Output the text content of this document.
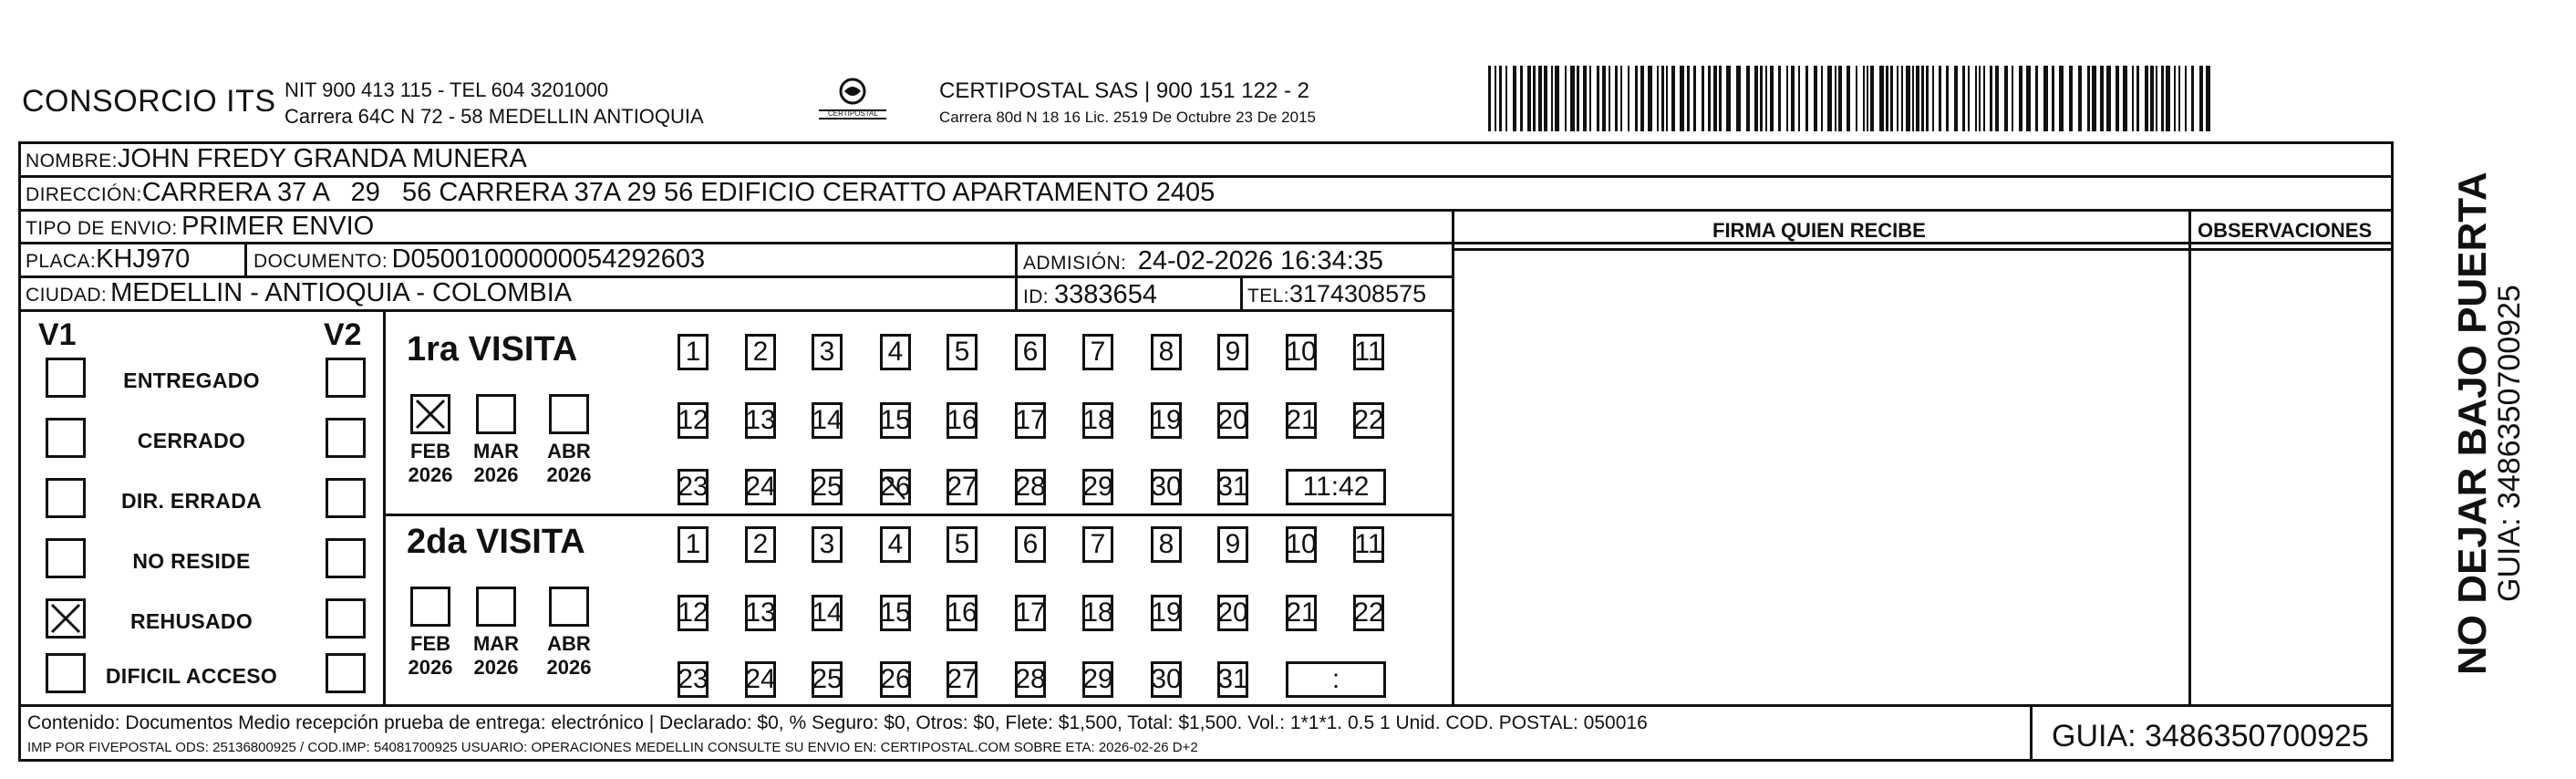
CONSORCIO ITS NIT 900 413 115 - TEL 604 3201000
Carrera 64C N 72 - 58 MEDELLIN ANTIOQUIA	CERTIPOSTAL
CERTIPOSTAL SAS | 900 151 122 - 2
Carrera 80d N 18 16 Lic. 2519 De Octubre 23 De 2015
NOMBRE:JOHN FREDY GRANDA MUNERA
DIRECCIÓN:CARRERA 37 A   29   56 CARRERA 37A 29 56 EDIFICIO CERATTO APARTAMENTO 2405
TIPO DE ENVIO: PRIMER ENVIO
PLACA:KHJ970	DOCUMENTO: D05001000000054292603	ADMISIÓN: 24-02-2026 16:34:35
CIUDAD: MEDELLIN - ANTIOQUIA - COLOMBIA	ID: 3383654	TEL:3174308575
V1	V2
ENTREGADO
CERRADO
DIR. ERRADA
NO RESIDE
REHUSADO
DIFICIL ACCESO
1ra VISITA
FEB
2026
MAR
2026
ABR
2026
1 2 3 4 5 6 7 8 9 10 11
12 13 14 15 16 17 18 19 20 21 22
23 24 25 26 27 28 29 30 31	11:42
2da VISITA
FEB
2026
MAR
2026
ABR
2026
1 2 3 4 5 6 7 8 9 10 11
12 13 14 15 16 17 18 19 20 21 22
23 24 25 26 27 28 29 30 31	:
FIRMA QUIEN RECIBE	OBSERVACIONES NO DEJAR BAJO PUERTA
GUIA: 3486350700925
Contenido: Documentos Medio recepción prueba de entrega: electrónico | Declarado: $0, % Seguro: $0, Otros: $0, Flete: $1,500, Total: $1,500. Vol.: 1*1*1. 0.5 1 Unid. COD. POSTAL: 050016
IMP POR FIVEPOSTAL ODS: 25136800925 / COD.IMP: 54081700925 USUARIO: OPERACIONES MEDELLIN CONSULTE SU ENVIO EN: CERTIPOSTAL.COM SOBRE ETA: 2026-02-26 D+2	GUIA: 3486350700925
